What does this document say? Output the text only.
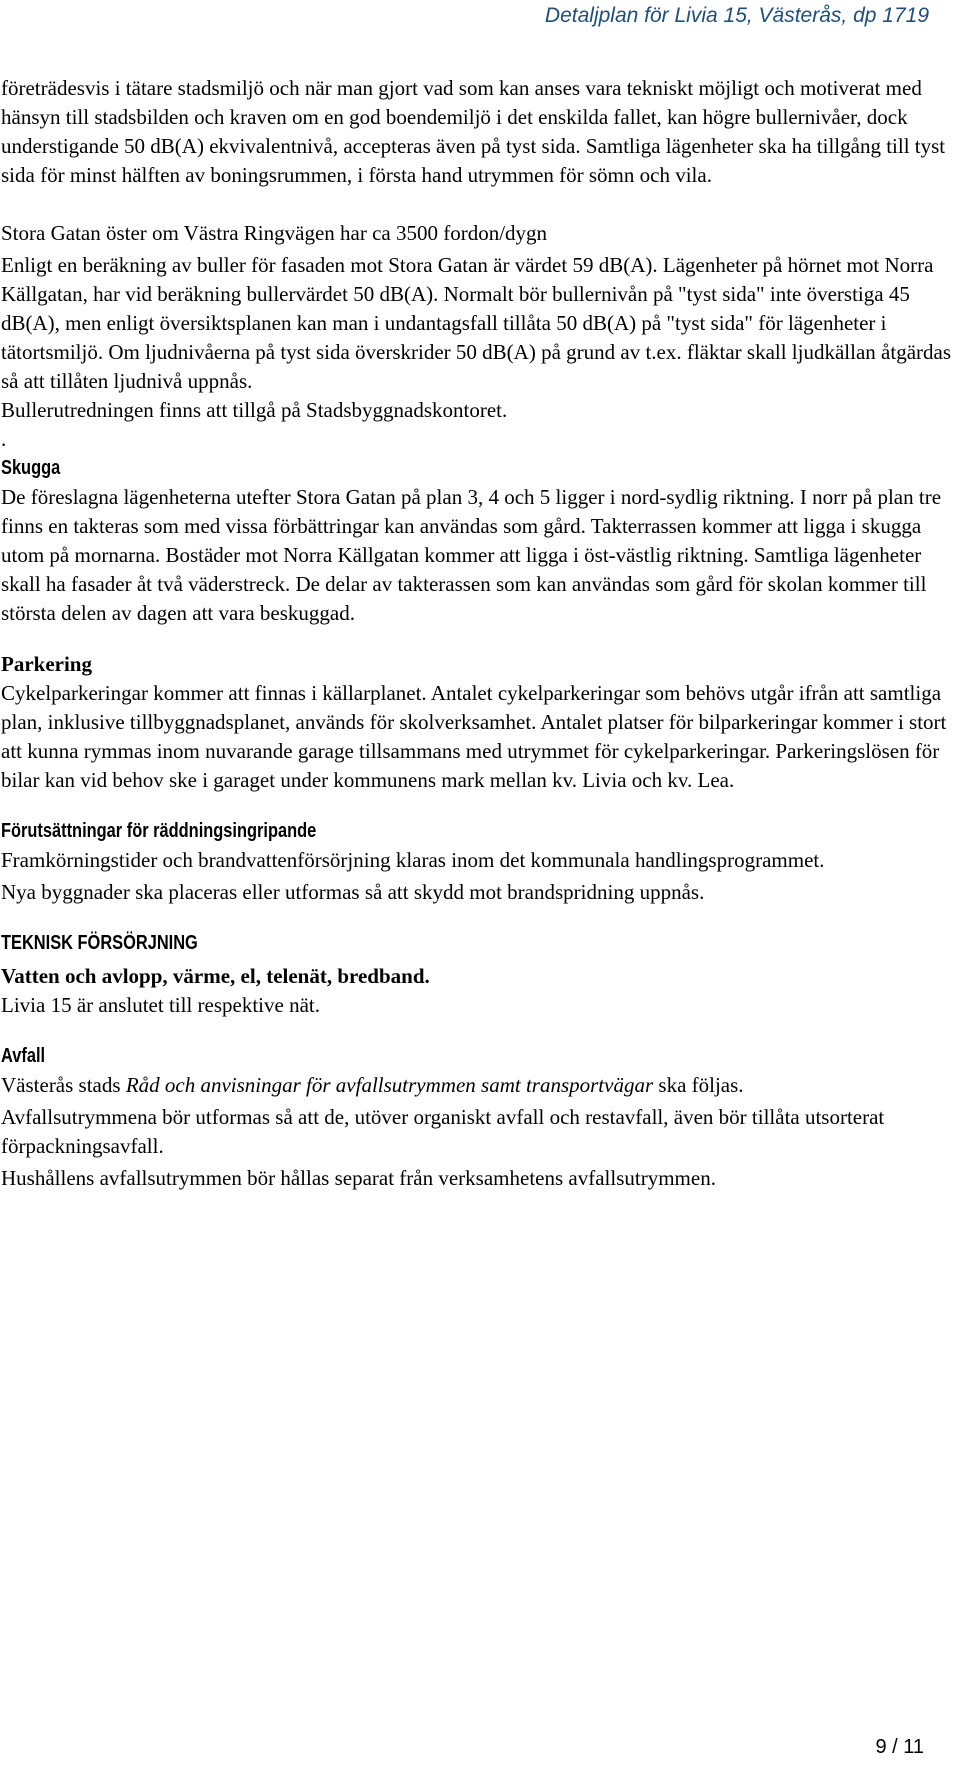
Detaljplan för Livia 15, Västerås, dp 1719

företrädesvis i tätare stadsmiljö och när man gjort vad som kan anses vara tekniskt möjligt och motiverat med hänsyn till stadsbilden och kraven om en god boendemiljö i det enskilda fallet, kan högre bullernivåer, dock understigande 50 dB(A) ekvivalentnivå, accepteras även på tyst sida. Samtliga lägenheter ska ha tillgång till tyst sida för minst hälften av boningsrummen, i första hand utrymmen för sömn och vila.

Stora Gatan öster om Västra Ringvägen har ca 3500 fordon/dygn

Enligt en beräkning av buller för fasaden mot Stora Gatan är värdet 59 dB(A). Lägenheter på hörnet mot Norra Källgatan, har vid beräkning bullervärdet 50 dB(A). Normalt bör bullernivån på "tyst sida" inte överstiga 45 dB(A), men enligt översiktsplanen kan man i undantagsfall tillåta 50 dB(A) på "tyst sida" för lägenheter i tätortsmiljö. Om ljudnivåerna på tyst sida överskrider 50 dB(A) på grund av t.ex. fläktar skall ljudkällan åtgärdas så att tillåten ljudnivå uppnås.

Bullerutredningen finns att tillgå på Stadsbyggnadskontoret.

.

Skugga

De föreslagna lägenheterna utefter Stora Gatan på plan 3, 4 och 5 ligger i nord-sydlig riktning. I norr på plan tre finns en takteras som med vissa förbättringar kan användas som gård. Takterrassen kommer att ligga i skugga utom på mornarna. Bostäder mot Norra Källgatan kommer att ligga i öst-västlig riktning. Samtliga lägenheter skall ha fasader åt två väderstreck. De delar av takterassen som kan användas som gård för skolan kommer till största delen av dagen att vara beskuggad.

Parkering

Cykelparkeringar kommer att finnas i källarplanet. Antalet cykelparkeringar som behövs utgår ifrån att samtliga plan, inklusive tillbyggnadsplanet, används för skolverksamhet. Antalet platser för bilparkeringar kommer i stort att kunna rymmas inom nuvarande garage tillsammans med utrymmet för cykelparkeringar. Parkeringslösen för bilar kan vid behov ske i garaget under kommunens mark mellan kv. Livia och kv. Lea.

Förutsättningar för räddningsingripande

Framkörningstider och brandvattenförsörjning klaras inom det kommunala handlingsprogrammet.

Nya byggnader ska placeras eller utformas så att skydd mot brandspridning uppnås.

TEKNISK FÖRSÖRJNING

Vatten och avlopp, värme, el, telenät, bredband.

Livia 15 är anslutet till respektive nät.

Avfall

Västerås stads Råd och anvisningar för avfallsutrymmen samt transportvägar ska följas.

Avfallsutrymmena bör utformas så att de, utöver organiskt avfall och restavfall, även bör tillåta utsorterat förpackningsavfall.

Hushållens avfallsutrymmen bör hållas separat från verksamhetens avfallsutrymmen.

9 / 11
